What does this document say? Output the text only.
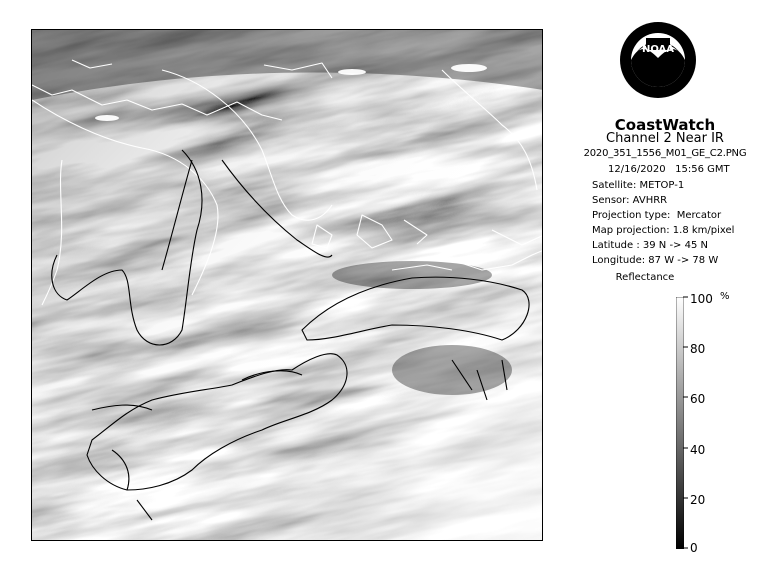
NOAA
CoastWatch
Channel 2 Near IR
2020_351_1556_M01_GE_C2.PNG
12/16/2020   15:56 GMT
Satellite: METOP-1
Sensor: AVHRR
Projection type:  Mercator
Map projection: 1.8 km/pixel
Latitude : 39 N -> 45 N
Longitude: 87 W -> 78 W
Reflectance
%
100
80
60
40
20
0
